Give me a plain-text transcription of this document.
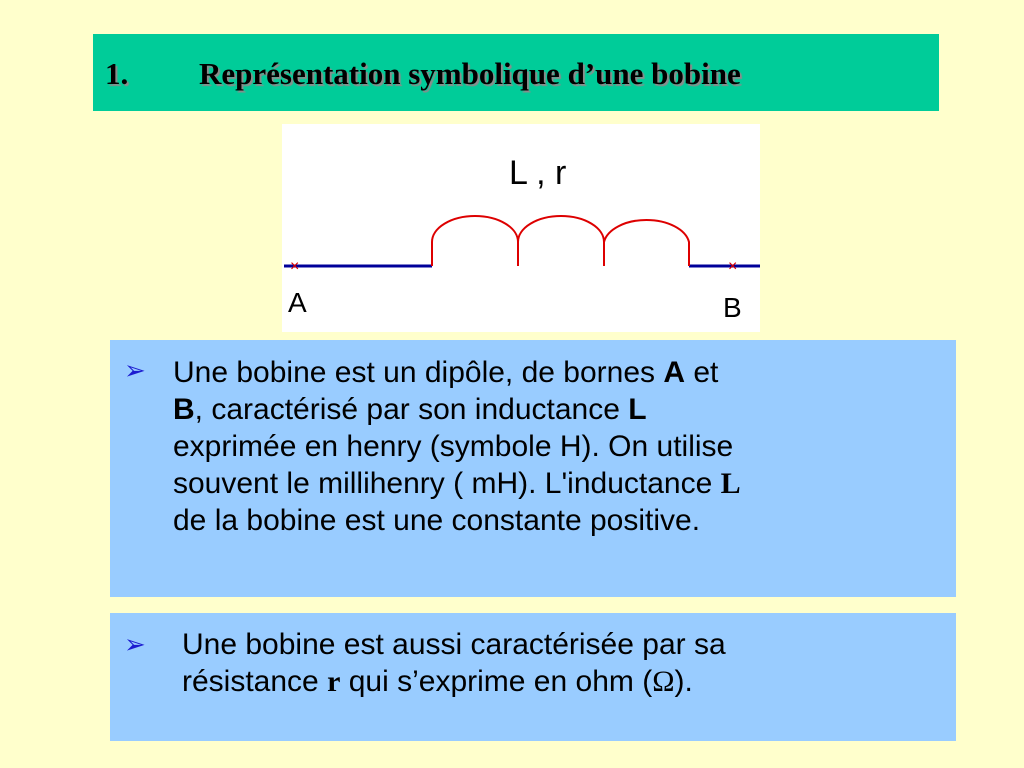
1. Représentation symbolique d’une bobine
L , r
×	×
A	B
➢ Une bobine est un dipôle, de bornes A et
B, caractérisé par son inductance L
exprimée en henry (symbole H). On utilise
souvent le millihenry ( mH). L'inductance L
de la bobine est une constante positive.
➢ Une bobine est aussi caractérisée par sa
résistance r qui s’exprime en ohm (Ω).
